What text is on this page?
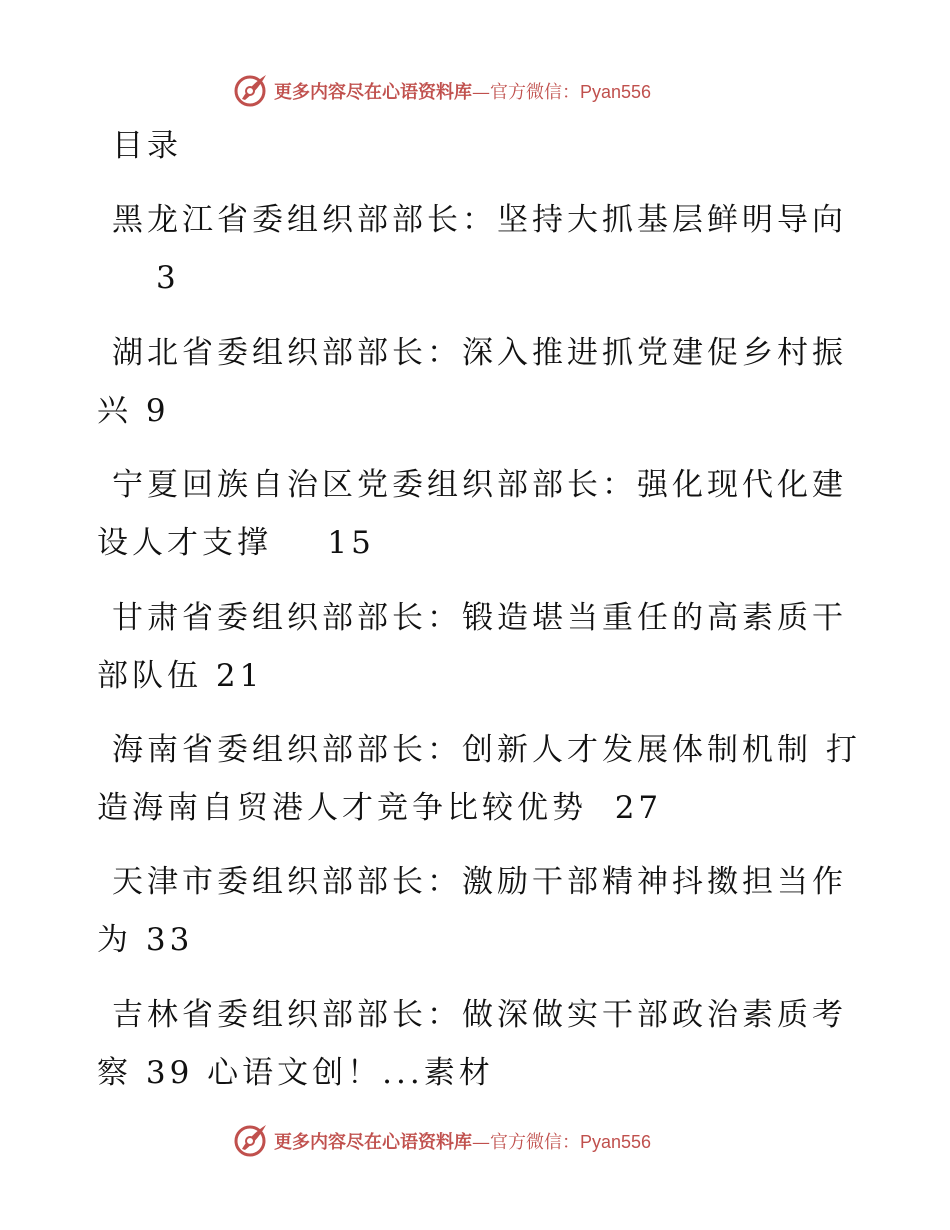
更多内容尽在心语资料库—官方微信：Pyan556
目录
黑龙江省委组织部部长：坚持大抓基层鲜明导向
3
湖北省委组织部部长：深入推进抓党建促乡村振
兴 9
宁夏回族自治区党委组织部部长：强化现代化建
设人才支撑    15
甘肃省委组织部部长：锻造堪当重任的高素质干
部队伍 21
海南省委组织部部长：创新人才发展体制机制 打
造海南自贸港人才竞争比较优势  27
天津市委组织部部长：激励干部精神抖擞担当作
为 33
吉林省委组织部部长：做深做实干部政治素质考
察 39 心语文创！...素材
更多内容尽在心语资料库—官方微信：Pyan556
